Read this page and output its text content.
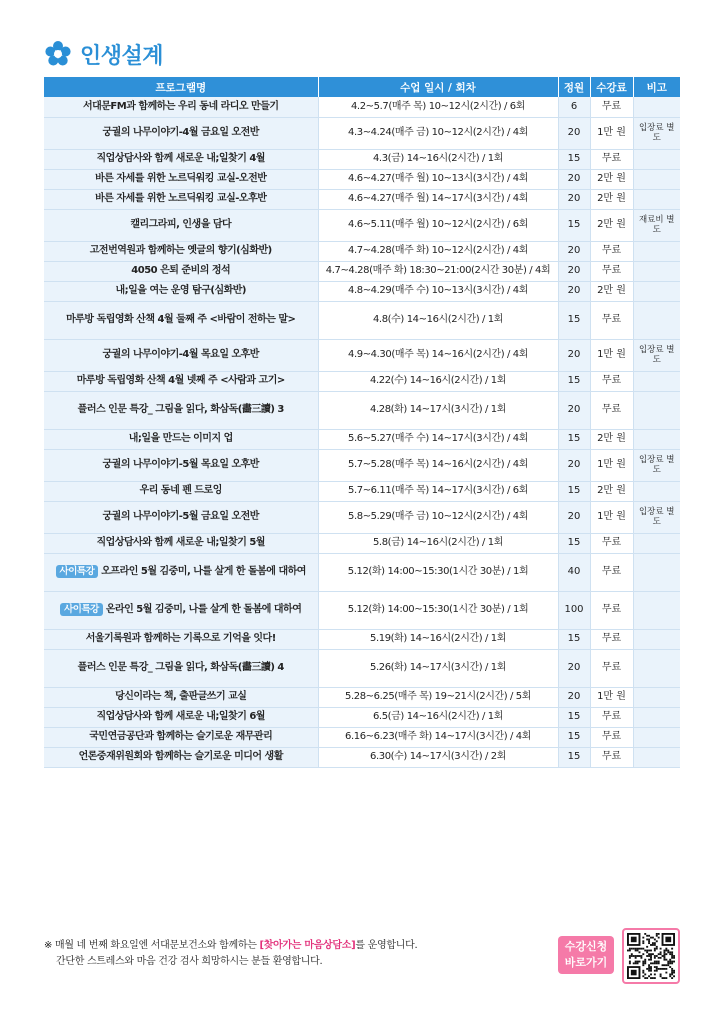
인생설계
프로그램명	수업 일시 / 회차	정원	수강료	비고
서대문FM과 함께하는 우리 동네 라디오 만들기	4.2~5.7(매주 목) 10~12시(2시간) / 6회	6	무료	
궁궐의 나무이야기-4월 금요일 오전반	4.3~4.24(매주 금) 10~12시(2시간) / 4회	20	1만 원	입장료 별도
직업상담사와 함께 새로운 내;일찾기 4월	4.3(금) 14~16시(2시간) / 1회	15	무료	
바른 자세를 위한 노르딕워킹 교실-오전반	4.6~4.27(매주 월) 10~13시(3시간) / 4회	20	2만 원	
바른 자세를 위한 노르딕워킹 교실-오후반	4.6~4.27(매주 월) 14~17시(3시간) / 4회	20	2만 원	
캘리그라피, 인생을 담다	4.6~5.11(매주 월) 10~12시(2시간) / 6회	15	2만 원	재료비 별도
고전번역원과 함께하는 옛글의 향기(심화반)	4.7~4.28(매주 화) 10~12시(2시간) / 4회	20	무료	
4050 은퇴 준비의 정석	4.7~4.28(매주 화) 18:30~21:00(2시간 30분) / 4회	20	무료	
내;일을 여는 운영 탐구(심화반)	4.8~4.29(매주 수) 10~13시(3시간) / 4회	20	2만 원	
마루방 독립영화 산책 4월 둘째 주 <바람이 전하는 말>	4.8(수) 14~16시(2시간) / 1회	15	무료	
궁궐의 나무이야기-4월 목요일 오후반	4.9~4.30(매주 목) 14~16시(2시간) / 4회	20	1만 원	입장료 별도
마루방 독립영화 산책 4월 넷째 주 <사람과 고기>	4.22(수) 14~16시(2시간) / 1회	15	무료	
플러스 인문 특강_ 그림을 읽다, 화삼독(畵三讀) 3	4.28(화) 14~17시(3시간) / 1회	20	무료	
내;일을 만드는 이미지 업	5.6~5.27(매주 수) 14~17시(3시간) / 4회	15	2만 원	
궁궐의 나무이야기-5월 목요일 오후반	5.7~5.28(매주 목) 14~16시(2시간) / 4회	20	1만 원	입장료 별도
우리 동네 펜 드로잉	5.7~6.11(매주 목) 14~17시(3시간) / 6회	15	2만 원	
궁궐의 나무이야기-5월 금요일 오전반	5.8~5.29(매주 금) 10~12시(2시간) / 4회	20	1만 원	입장료 별도
직업상담사와 함께 새로운 내;일찾기 5월	5.8(금) 14~16시(2시간) / 1회	15	무료	
사이특강 오프라인 5월 김중미, 나를 살게 한 돌봄에 대하여	5.12(화) 14:00~15:30(1시간 30분) / 1회	40	무료	
사이특강 온라인 5월 김중미, 나를 살게 한 돌봄에 대하여	5.12(화) 14:00~15:30(1시간 30분) / 1회	100	무료	
서울기록원과 함께하는 기록으로 기억을 잇다!	5.19(화) 14~16시(2시간) / 1회	15	무료	
플러스 인문 특강_ 그림을 읽다, 화삼독(畵三讀) 4	5.26(화) 14~17시(3시간) / 1회	20	무료	
당신이라는 책, 출판글쓰기 교실	5.28~6.25(매주 목) 19~21시(2시간) / 5회	20	1만 원	
직업상담사와 함께 새로운 내;일찾기 6월	6.5(금) 14~16시(2시간) / 1회	15	무료	
국민연금공단과 함께하는 슬기로운 재무관리	6.16~6.23(매주 화) 14~17시(3시간) / 4회	15	무료	
언론중재위원회와 함께하는 슬기로운 미디어 생활	6.30(수) 14~17시(3시간) / 2회	15	무료	
※ 매월 네 번째 화요일엔 서대문보건소와 함께하는 [찾아가는 마음상담소]를 운영합니다.
간단한 스트레스와 마음 건강 검사 희망하시는 분들 환영합니다.
수강신청
바로가기
